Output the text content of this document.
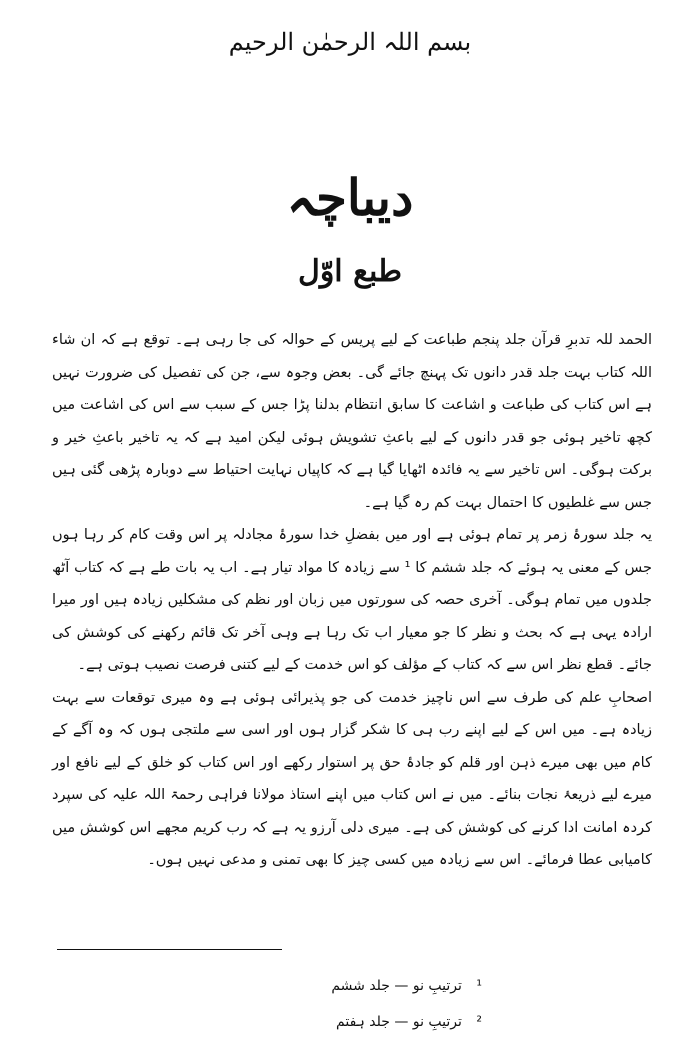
بسم اللہ الرحمٰن الرحیم
دیباچہ
طبع اوّل

الحمد للہ تدبرِ قرآن جلد پنجم طباعت کے لیے پریس کے حوالہ کی جا رہی ہے۔ توقع ہے کہ ان شاء اللہ کتاب بہت جلد قدر دانوں تک پہنچ جائے گی۔ بعض وجوہ سے، جن کی تفصیل کی ضرورت نہیں ہے اس کتاب کی طباعت و اشاعت کا سابق انتظام بدلنا پڑا جس کے سبب سے اس کی اشاعت میں کچھ تاخیر ہوئی جو قدر دانوں کے لیے باعثِ تشویش ہوئی لیکن امید ہے کہ یہ تاخیر باعثِ خیر و برکت ہوگی۔ اس تاخیر سے یہ فائدہ اٹھایا گیا ہے کہ کاپیاں نہایت احتیاط سے دوبارہ پڑھی گئی ہیں جس سے غلطیوں کا احتمال بہت کم رہ گیا ہے۔

یہ جلد سورۂ زمر پر تمام ہوئی ہے اور میں بفضلِ خدا سورۂ مجادلہ پر اس وقت کام کر رہا ہوں جس کے معنی یہ ہوئے کہ جلد ششم کا ¹ سے زیادہ کا مواد تیار ہے۔ اب یہ بات طے ہے کہ کتاب آٹھ جلدوں میں تمام ہوگی۔ آخری حصہ کی سورتوں میں زبان اور نظم کی مشکلیں زیادہ ہیں اور میرا ارادہ یہی ہے کہ بحث و نظر کا جو معیار اب تک رہا ہے وہی آخر تک قائم رکھنے کی کوشش کی جائے۔ قطع نظر اس سے کہ کتاب کے مؤلف کو اس خدمت کے لیے کتنی فرصت نصیب ہوتی ہے۔

اصحابِ علم کی طرف سے اس ناچیز خدمت کی جو پذیرائی ہوئی ہے وہ میری توقعات سے بہت زیادہ ہے۔ میں اس کے لیے اپنے رب ہی کا شکر گزار ہوں اور اسی سے ملتجی ہوں کہ وہ آگے کے کام میں بھی میرے ذہن اور قلم کو جادۂ حق پر استوار رکھے اور اس کتاب کو خلق کے لیے نافع اور میرے لیے ذریعۂ نجات بنائے۔ میں نے اس کتاب میں اپنے استاذ مولانا فراہی رحمۃ اللہ علیہ کی سپرد کردہ امانت ادا کرنے کی کوشش کی ہے۔ میری دلی آرزو یہ ہے کہ رب کریم مجھے اس کوشش میں کامیابی عطا فرمائے۔ اس سے زیادہ میں کسی چیز کا بھی تمنی و مدعی نہیں ہوں۔

¹ ترتیبِ نو — جلد ششم
² ترتیبِ نو — جلد ہفتم
